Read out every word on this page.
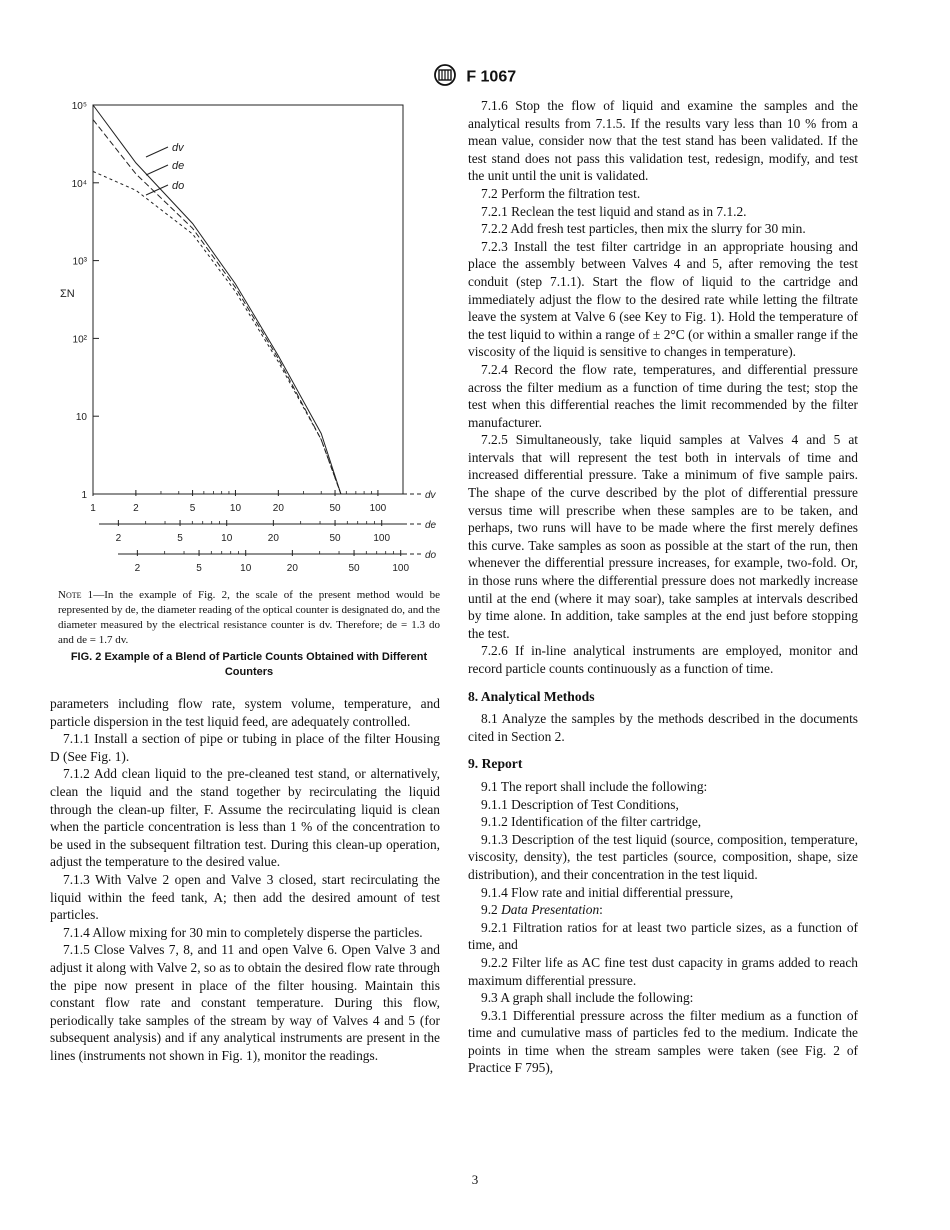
F 1067
10⁵
10⁴
10³
10²
10
1
ΣN
dv
1	2	5	10	20	50	100
de
2	5	10	20	50	100
do
2	5	10	20	50	100
dv
de
do
Note 1—In the example of Fig. 2, the scale of the present method would be represented by de, the diameter reading of the optical counter is designated do, and the diameter measured by the electrical resistance counter is dv. Therefore; de = 1.3 do and de = 1.7 dv.
FIG. 2 Example of a Blend of Particle Counts Obtained with Different Counters

parameters including flow rate, system volume, temperature, and particle dispersion in the test liquid feed, are adequately controlled.

7.1.1 Install a section of pipe or tubing in place of the filter Housing D (See Fig. 1).

7.1.2 Add clean liquid to the pre-cleaned test stand, or alternatively, clean the liquid and the stand together by recirculating the liquid through the clean-up filter, F. Assume the recirculating liquid is clean when the particle concentration is less than 1 % of the concentration to be used in the subsequent filtration test. During this clean-up operation, adjust the temperature to the desired value.

7.1.3 With Valve 2 open and Valve 3 closed, start recirculating the liquid within the feed tank, A; then add the desired amount of test particles.

7.1.4 Allow mixing for 30 min to completely disperse the particles.

7.1.5 Close Valves 7, 8, and 11 and open Valve 6. Open Valve 3 and adjust it along with Valve 2, so as to obtain the desired flow rate through the pipe now present in place of the filter housing. Maintain this constant flow rate and constant temperature. During this flow, periodically take samples of the stream by way of Valves 4 and 5 (for subsequent analysis) and if any analytical instruments are present in the lines (instruments not shown in Fig. 1), monitor the readings.

7.1.6 Stop the flow of liquid and examine the samples and the analytical results from 7.1.5. If the results vary less than 10 % from a mean value, consider now that the test stand has been validated. If the test stand does not pass this validation test, redesign, modify, and test the unit until the unit is validated.

7.2 Perform the filtration test.

7.2.1 Reclean the test liquid and stand as in 7.1.2.

7.2.2 Add fresh test particles, then mix the slurry for 30 min.

7.2.3 Install the test filter cartridge in an appropriate housing and place the assembly between Valves 4 and 5, after removing the test conduit (step 7.1.1). Start the flow of liquid to the cartridge and immediately adjust the flow to the desired rate while letting the filtrate leave the system at Valve 6 (see Key to Fig. 1). Hold the temperature of the test liquid to within a range of ± 2°C (or within a smaller range if the viscosity of the liquid is sensitive to changes in temperature).

7.2.4 Record the flow rate, temperatures, and differential pressure across the filter medium as a function of time during the test; stop the test when this differential reaches the limit recommended by the filter manufacturer.

7.2.5 Simultaneously, take liquid samples at Valves 4 and 5 at intervals that will represent the test both in intervals of time and increased differential pressure. Take a minimum of five sample pairs. The shape of the curve described by the plot of differential pressure versus time will prescribe when these samples are to be taken, and perhaps, two runs will have to be made where the first merely defines this curve. Take samples as soon as possible at the start of the run, then whenever the differential pressure increases, for example, two-fold. Or, in those runs where the differential pressure does not markedly increase until at the end (where it may soar), take samples at intervals described by time alone. In addition, take samples at the end just before stopping the test.

7.2.6 If in-line analytical instruments are employed, monitor and record particle counts continuously as a function of time.

8. Analytical Methods

8.1 Analyze the samples by the methods described in the documents cited in Section 2.

9. Report

9.1 The report shall include the following:

9.1.1 Description of Test Conditions,

9.1.2 Identification of the filter cartridge,

9.1.3 Description of the test liquid (source, composition, temperature, viscosity, density), the test particles (source, composition, shape, size distribution), and their concentration in the test liquid.

9.1.4 Flow rate and initial differential pressure,

9.2 Data Presentation:

9.2.1 Filtration ratios for at least two particle sizes, as a function of time, and

9.2.2 Filter life as AC fine test dust capacity in grams added to reach maximum differential pressure.

9.3 A graph shall include the following:

9.3.1 Differential pressure across the filter medium as a function of time and cumulative mass of particles fed to the medium. Indicate the points in time when the stream samples were taken (see Fig. 2 of Practice F 795),

3
